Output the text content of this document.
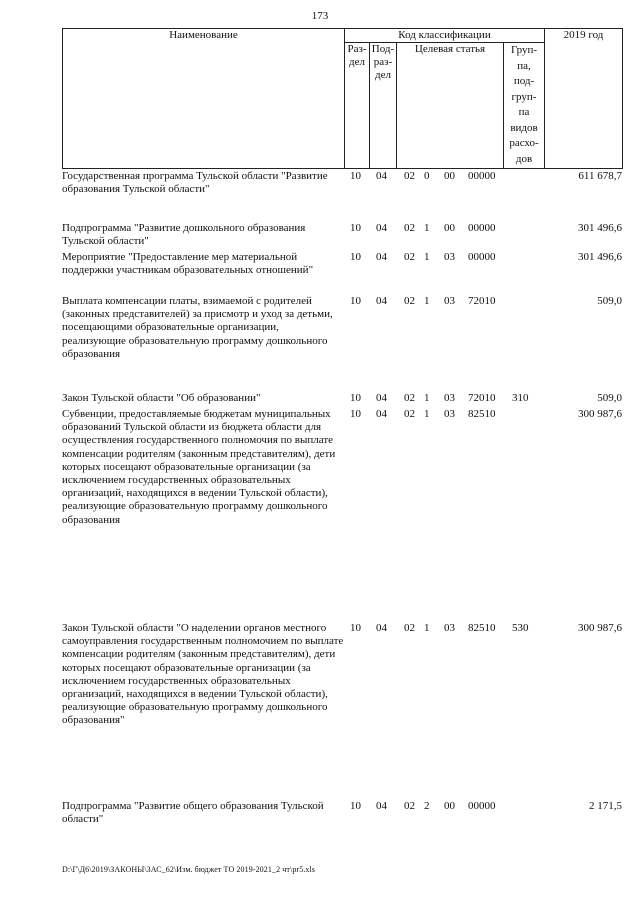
173
Наименование	Код классификации	2019 год
Раз-
дел
Под-
раз-
дел
Целевая статья	Груп-
па,
под-
груп-
па
видов
расхо-
дов
Государственная программа Тульской области "Развитие образования Тульской области"
10 04 02 0 00 00000	611 678,7
Подпрограмма "Развитие дошкольного образования Тульской области"
10 04 02 1 00 00000	301 496,6
Мероприятие "Предоставление мер материальной поддержки участникам образовательных отношений"
10 04 02 1 03 00000	301 496,6
Выплата компенсации платы, взимаемой с родителей (законных представителей) за присмотр и уход за детьми, посещающими образовательные организации, реализующие образовательную программу дошкольного образования
10 04 02 1 03 72010	509,0
Закон Тульской области "Об образовании"	10 04 02 1 03 72010 310	509,0
Субвенции, предоставляемые бюджетам муниципальных образований Тульской области из бюджета области для осуществления государственного полномочия по выплате компенсации родителям (законным представителям), дети которых посещают образовательные организации (за исключением государственных образовательных организаций, находящихся в ведении Тульской области), реализующие образовательную программу дошкольного образования
10 04 02 1 03 82510	300 987,6
Закон Тульской области "О наделении органов местного самоуправления государственным полномочием по выплате компенсации родителям (законным представителям), дети которых посещают образовательные организации (за исключением государственных образовательных организаций, находящихся в ведении Тульской области), реализующие образовательную программу дошкольного образования"
10 04 02 1 03 82510 530	300 987,6
Подпрограмма "Развитие общего образования Тульской области"
10 04 02 2 00 00000	2 171,5
D:\Г\Д6\2019\ЗАКОНЫ\ЗАС_62\Изм. бюджет ТО 2019-2021_2 чт\pr5.xls
